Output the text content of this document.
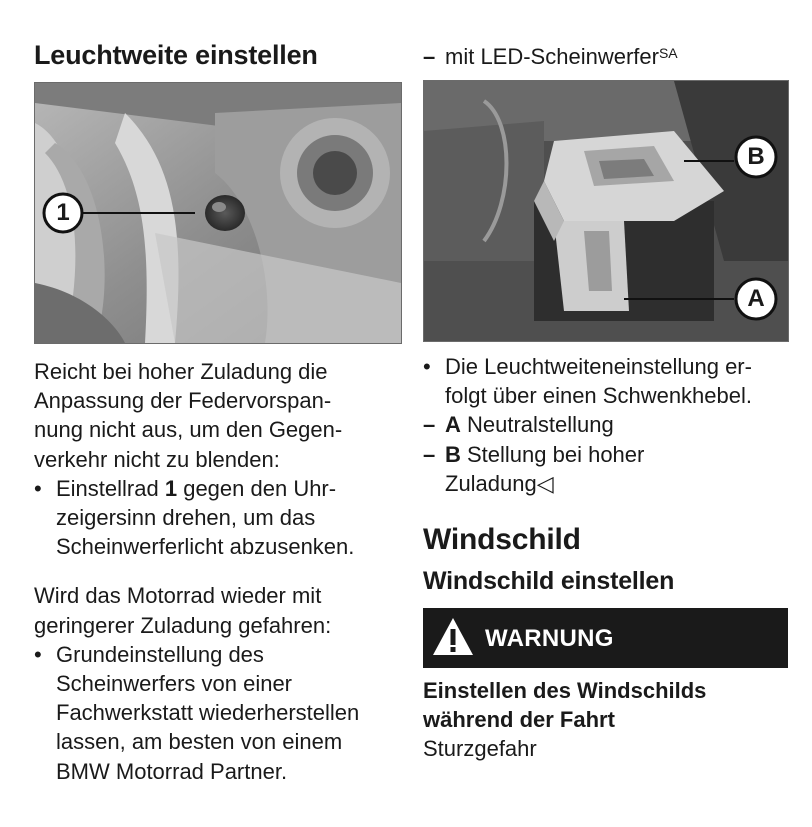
Leuchtweite einstellen
1

Reicht bei hoher Zuladung die
Anpassung der Federvorspan-
nung nicht aus, um den Gegen-
verkehr nicht zu blenden:

• Einstellrad 1 gegen den Uhr-
zeigersinn drehen, um das
Scheinwerferlicht abzusenken.

Wird das Motorrad wieder mit
geringerer Zuladung gefahren:

• Grundeinstellung des
Scheinwerfers von einer
Fachwerkstatt wiederherstellen
lassen, am besten von einem
BMW Motorrad Partner.
– mit LED-Scheinwerfer$^{SA}$
B
A
• Die Leuchtweiteneinstellung er-
folgt über einen Schwenkhebel.
– A Neutralstellung
– B Stellung bei hoher
Zuladung◁
Windschild
Windschild einstellen
WARNUNG

Einstellen des Windschilds
während der Fahrt

Sturzgefahr
